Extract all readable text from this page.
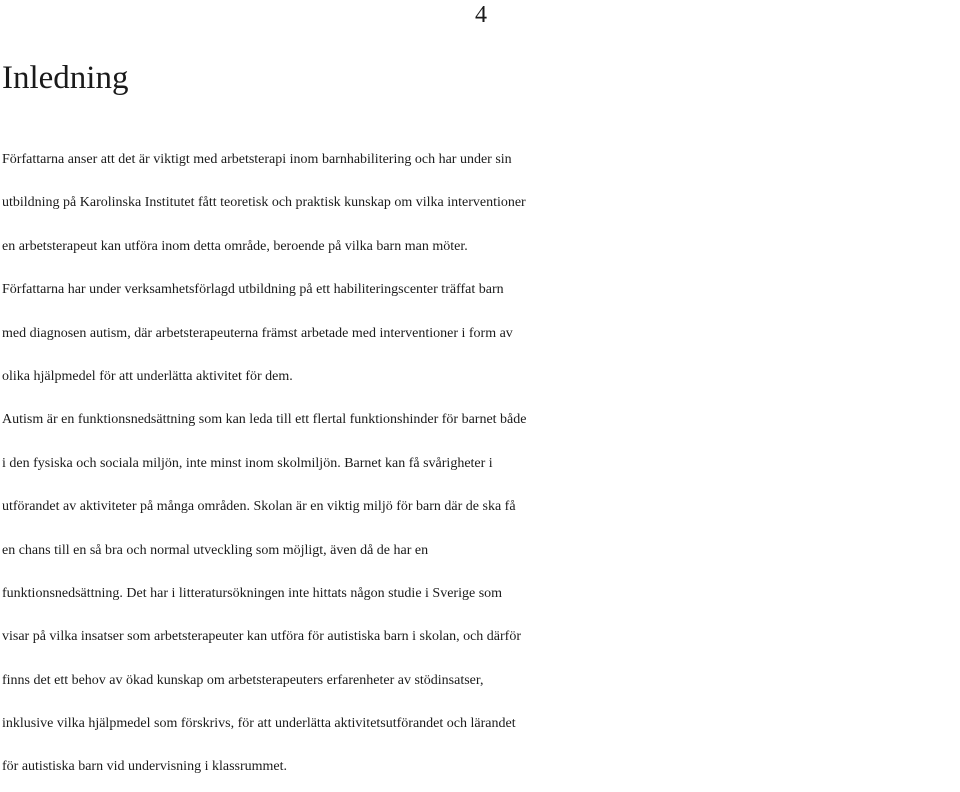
4
Inledning
Författarna anser att det är viktigt med arbetsterapi inom barnhabilitering och har under sin
utbildning på Karolinska Institutet fått teoretisk och praktisk kunskap om vilka interventioner
en arbetsterapeut kan utföra inom detta område, beroende på vilka barn man möter.
Författarna har under verksamhetsförlagd utbildning på ett habiliteringscenter träffat barn
med diagnosen autism, där arbetsterapeuterna främst arbetade med interventioner i form av
olika hjälpmedel för att underlätta aktivitet för dem.
Autism är en funktionsnedsättning som kan leda till ett flertal funktionshinder för barnet både
i den fysiska och sociala miljön, inte minst inom skolmiljön. Barnet kan få svårigheter i
utförandet av aktiviteter på många områden. Skolan är en viktig miljö för barn där de ska få
en chans till en så bra och normal utveckling som möjligt, även då de har en
funktionsnedsättning. Det har i litteratursökningen inte hittats någon studie i Sverige som
visar på vilka insatser som arbetsterapeuter kan utföra för autistiska barn i skolan, och därför
finns det ett behov av ökad kunskap om arbetsterapeuters erfarenheter av stödinsatser,
inklusive vilka hjälpmedel som förskrivs, för att underlätta aktivitetsutförandet och lärandet
för autistiska barn vid undervisning i klassrummet.
